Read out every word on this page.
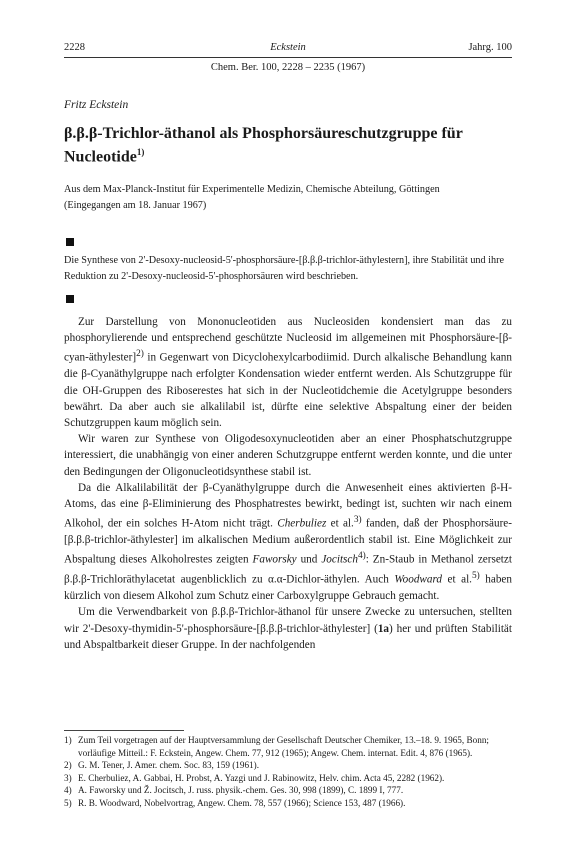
2228	Eckstein	Jahrg. 100
Chem. Ber. 100, 2228 – 2235 (1967)
Fritz Eckstein
β.β.β-Trichlor-äthanol als Phosphorsäureschutzgruppe für Nucleotide$^{1)}$
Aus dem Max-Planck-Institut für Experimentelle Medizin, Chemische Abteilung, Göttingen
(Eingegangen am 18. Januar 1967)
Die Synthese von 2'-Desoxy-nucleosid-5'-phosphorsäure-[β.β.β-trichlor-äthylestern], ihre Stabilität und ihre Reduktion zu 2'-Desoxy-nucleosid-5'-phosphorsäuren wird beschrieben.

Zur Darstellung von Mononucleotiden aus Nucleosiden kondensiert man das zu phosphorylierende und entsprechend geschützte Nucleosid im allgemeinen mit Phosphorsäure-[β-cyan-äthylester]$^{2)}$ in Gegenwart von Dicyclohexylcarbodiimid. Durch alkalische Behandlung kann die β-Cyanäthylgruppe nach erfolgter Kondensation wieder entfernt werden. Als Schutzgruppe für die OH-Gruppen des Riboserestes hat sich in der Nucleotidchemie die Acetylgruppe besonders bewährt. Da aber auch sie alkalilabil ist, dürfte eine selektive Abspaltung einer der beiden Schutzgruppen kaum möglich sein.

Wir waren zur Synthese von Oligodesoxynucleotiden aber an einer Phosphatschutzgruppe interessiert, die unabhängig von einer anderen Schutzgruppe entfernt werden konnte, und die unter den Bedingungen der Oligonucleotidsynthese stabil ist.

Da die Alkalilabilität der β-Cyanäthylgruppe durch die Anwesenheit eines aktivierten β-H-Atoms, das eine β-Eliminierung des Phosphatrestes bewirkt, bedingt ist, suchten wir nach einem Alkohol, der ein solches H-Atom nicht trägt. Cherbuliez et al.$^{3)}$ fanden, daß der Phosphorsäure-[β.β.β-trichlor-äthylester] im alkalischen Medium außerordentlich stabil ist. Eine Möglichkeit zur Abspaltung dieses Alkoholrestes zeigten Faworsky und Jocitsch$^{4)}$: Zn-Staub in Methanol zersetzt β.β.β-Trichloräthylacetat augenblicklich zu α.α-Dichlor-äthylen. Auch Woodward et al.$^{5)}$ haben kürzlich von diesem Alkohol zum Schutz einer Carboxylgruppe Gebrauch gemacht.

Um die Verwendbarkeit von β.β.β-Trichlor-äthanol für unsere Zwecke zu untersuchen, stellten wir 2'-Desoxy-thymidin-5'-phosphorsäure-[β.β.β-trichlor-äthylester] (1a) her und prüften Stabilität und Abspaltbarkeit dieser Gruppe. In der nachfolgenden

1) Zum Teil vorgetragen auf der Hauptversammlung der Gesellschaft Deutscher Chemiker, 13.–18. 9. 1965, Bonn; vorläufige Mitteil.: F. Eckstein, Angew. Chem. 77, 912 (1965); Angew. Chem. internat. Edit. 4, 876 (1965).
2) G. M. Tener, J. Amer. chem. Soc. 83, 159 (1961).
3) E. Cherbuliez, A. Gabbai, H. Probst, A. Yazgi und J. Rabinowitz, Helv. chim. Acta 45, 2282 (1962).
4) A. Faworsky und Ž. Jocitsch, J. russ. physik.-chem. Ges. 30, 998 (1899), C. 1899 I, 777.
5) R. B. Woodward, Nobelvortrag, Angew. Chem. 78, 557 (1966); Science 153, 487 (1966).
